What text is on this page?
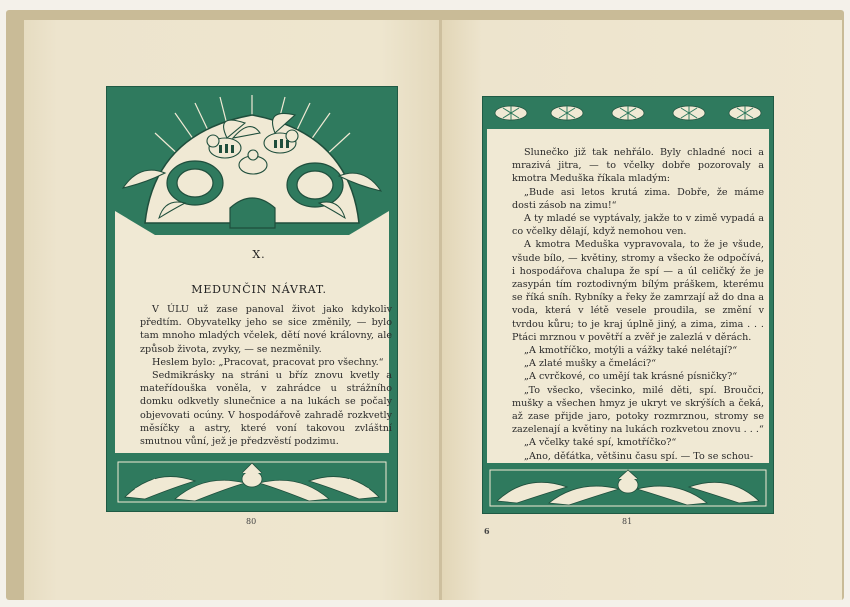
X.
MEDUNČIN NÁVRAT.

V ÚLU už zase panoval život jako kdykoliv předtím. Obyvatelky jeho se sice změnily, — bylo tam mnoho mladých včelek, dětí nové královny, ale způsob života, zvyky, — se nezměnily.

Heslem bylo: „Pracovat, pracovat pro všechny.“

Sedmikrásky na stráni u bříz znovu kvetly a mateřídouška voněla, v zahrádce u strážního domku odkvetly slunečnice a na lukách se počaly objevovati ocúny. V hospodářově zahradě rozkvetly měsíčky a astry, které voní takovou zvláštní smutnou vůní, jež je předzvěstí podzimu.

80

Slunečko již tak nehřálo. Byly chladné noci a mrazivá jitra, — to včelky dobře pozorovaly a kmotra Meduška říkala mladým:

„Bude asi letos krutá zima. Dobře, že máme dosti zásob na zimu!“

A ty mladé se vyptávaly, jakže to v zimě vypadá a co včelky dělají, když nemohou ven.

A kmotra Meduška vypravovala, to že je všude, všude bílo, — květiny, stromy a všecko že odpočívá, i hospodářova chalupa že spí — a úl celičký že je zasypán tím roztodivným bílým práškem, kterému se říká sníh. Rybníky a řeky že zamrzají až do dna a voda, která v létě vesele proudila, se změní v tvrdou kůru; to je kraj úplně jiný, a zima, zima . . . Ptáci mrznou v povětří a zvěř je zalezlá v děrách.

„A kmotříčko, motýli a vážky také nelétají?“

„A zlaté mušky a čmeláci?“

„A cvrčkové, co umějí tak krásné písničky?“

„To všecko, všecinko, milé děti, spí. Broučci, mušky a všechen hmyz je ukryt ve skrýších a čeká, až zase přijde jaro, potoky rozmrznou, stromy se zazelenají a květiny na lukách rozkvetou znovu . . .“

„A včelky také spí, kmotříčko?“

„Ano, děťátka, většinu času spí. — To se schou-

6
81
